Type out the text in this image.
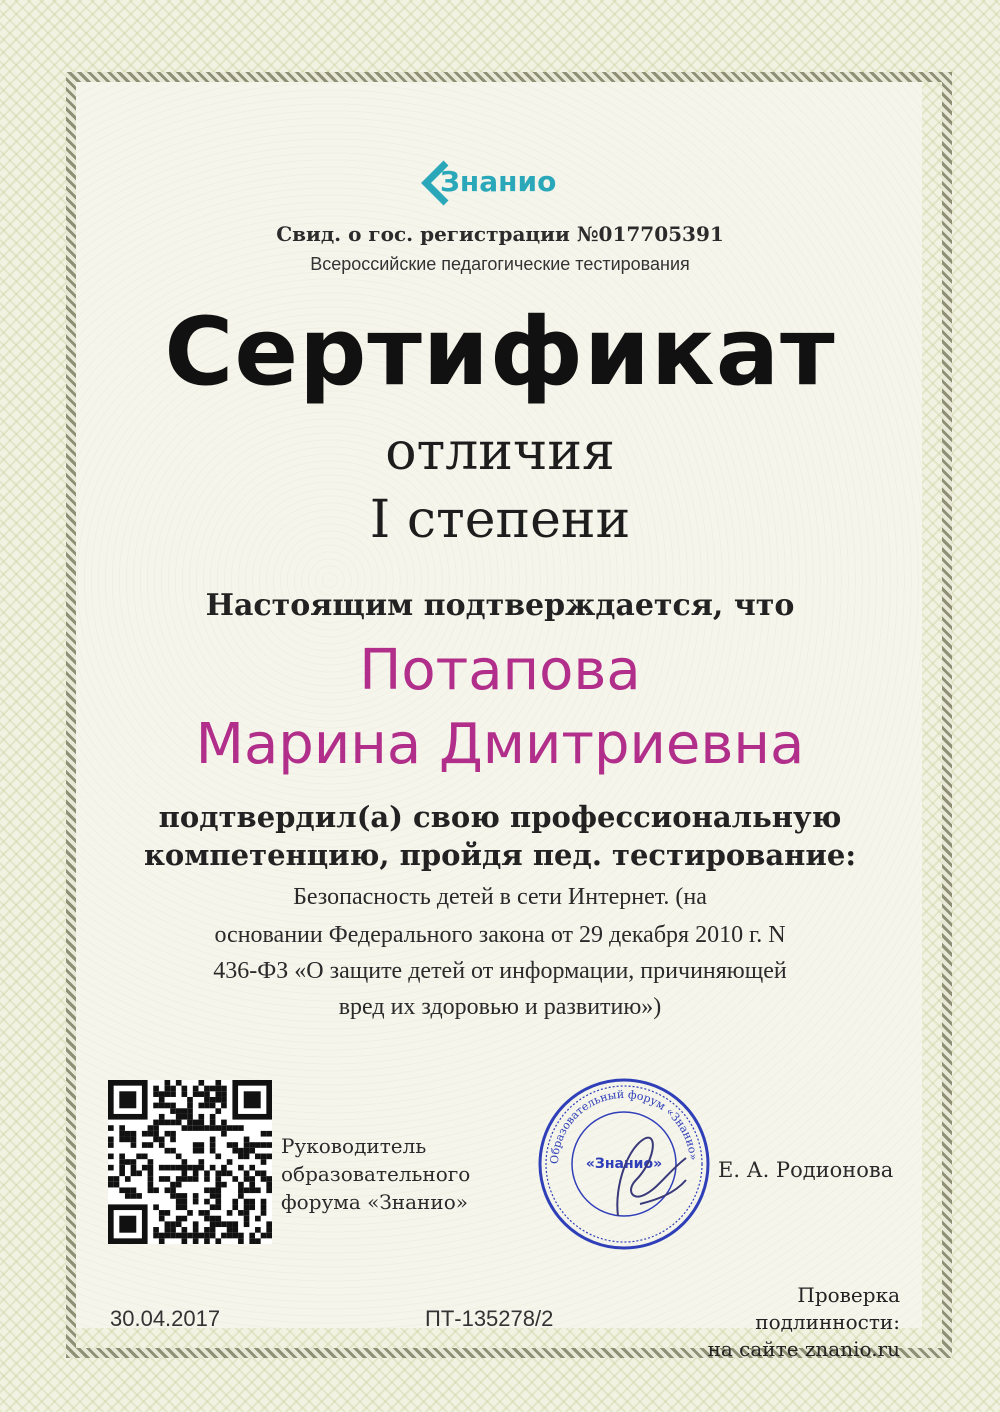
Знанио
Свид. о гос. регистрации №017705391
Всероссийские педагогические тестирования
Сертификат
отличия
I степени
Настоящим подтверждается, что
Потапова
Марина Дмитриевна
подтвердил(а) свою профессиональную
компетенцию, пройдя пед. тестирование:
Безопасность детей в сети Интернет. (на
основании Федерального закона от 29 декабря 2010 г. N
436-ФЗ «О защите детей от информации, причиняющей
вред их здоровью и развитию»)
Руководитель
образовательного
форума «Знанио»
Образовательный форум «Знанио»
«Знанио»	Е. А. Родионова
30.04.2017	ПТ-135278/2
Проверка
подлинности:
на сайте znanio.ru
